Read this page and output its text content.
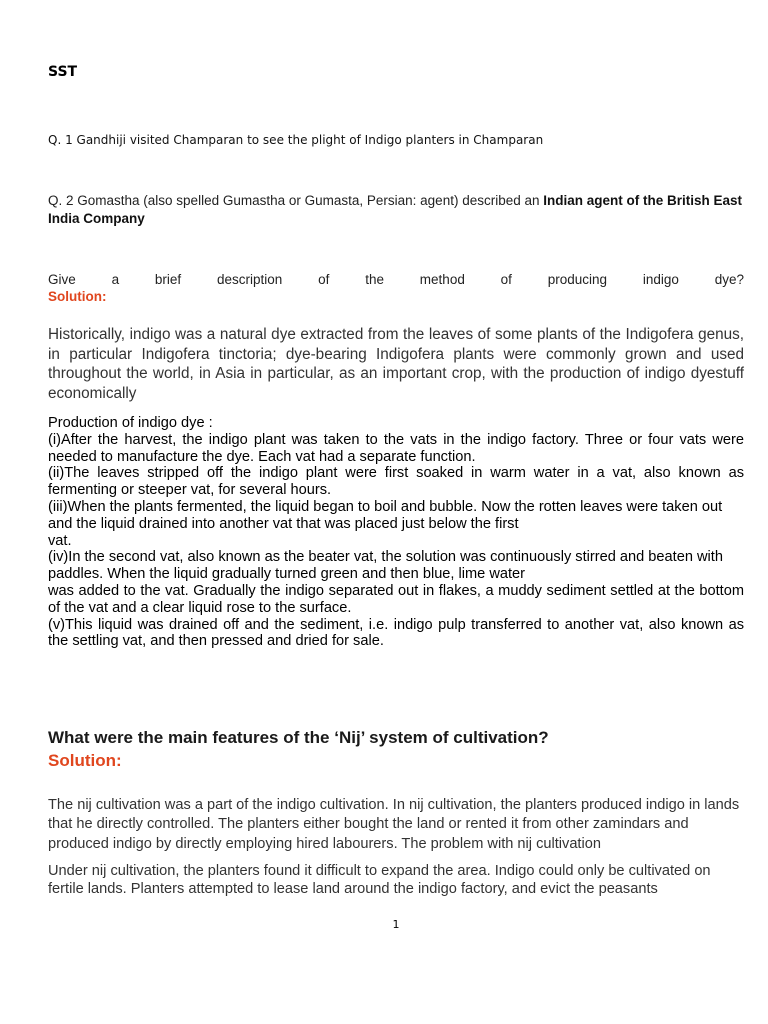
SST
Q. 1 Gandhiji visited Champaran to see the plight of Indigo planters in Champaran
Q. 2 Gomastha (also spelled Gumastha or Gumasta, Persian: agent) described an Indian agent of the British East India Company
Give a brief description of the method of producing indigo dye?
Solution:
Historically, indigo was a natural dye extracted from the leaves of some plants of the Indigofera genus, in particular Indigofera tinctoria; dye-bearing Indigofera plants were commonly grown and used throughout the world, in Asia in particular, as an important crop, with the production of indigo dyestuff economically

Production of indigo dye :

(i)After the harvest, the indigo plant was taken to the vats in the indigo factory. Three or four vats were needed to manufacture the dye. Each vat had a separate function.

(ii)The leaves stripped off the indigo plant were first soaked in warm water in a vat, also known as fermenting or steeper vat, for several hours.

(iii)When the plants fermented, the liquid began to boil and bubble. Now the rotten leaves were taken out and the liquid drained into another vat that was placed just below the first

vat.

(iv)In the second vat, also known as the beater vat, the solution was continuously stirred and beaten with paddles. When the liquid gradually turned green and then blue, lime water

was added to the vat. Gradually the indigo separated out in flakes, a muddy sediment settled at the bottom of the vat and a clear liquid rose to the surface.

(v)This liquid was drained off and the sediment, i.e. indigo pulp transferred to another vat, also known as the settling vat, and then pressed and dried for sale.

What were the main features of the ‘Nij’ system of cultivation?
Solution:
The nij cultivation was a part of the indigo cultivation. In nij cultivation, the planters produced indigo in lands that he directly controlled. The planters either bought the land or rented it from other zamindars and produced indigo by directly employing hired labourers. The problem with nij cultivation
Under nij cultivation, the planters found it difficult to expand the area. Indigo could only be cultivated on fertile lands. Planters attempted to lease land around the indigo factory, and evict the peasants
1
